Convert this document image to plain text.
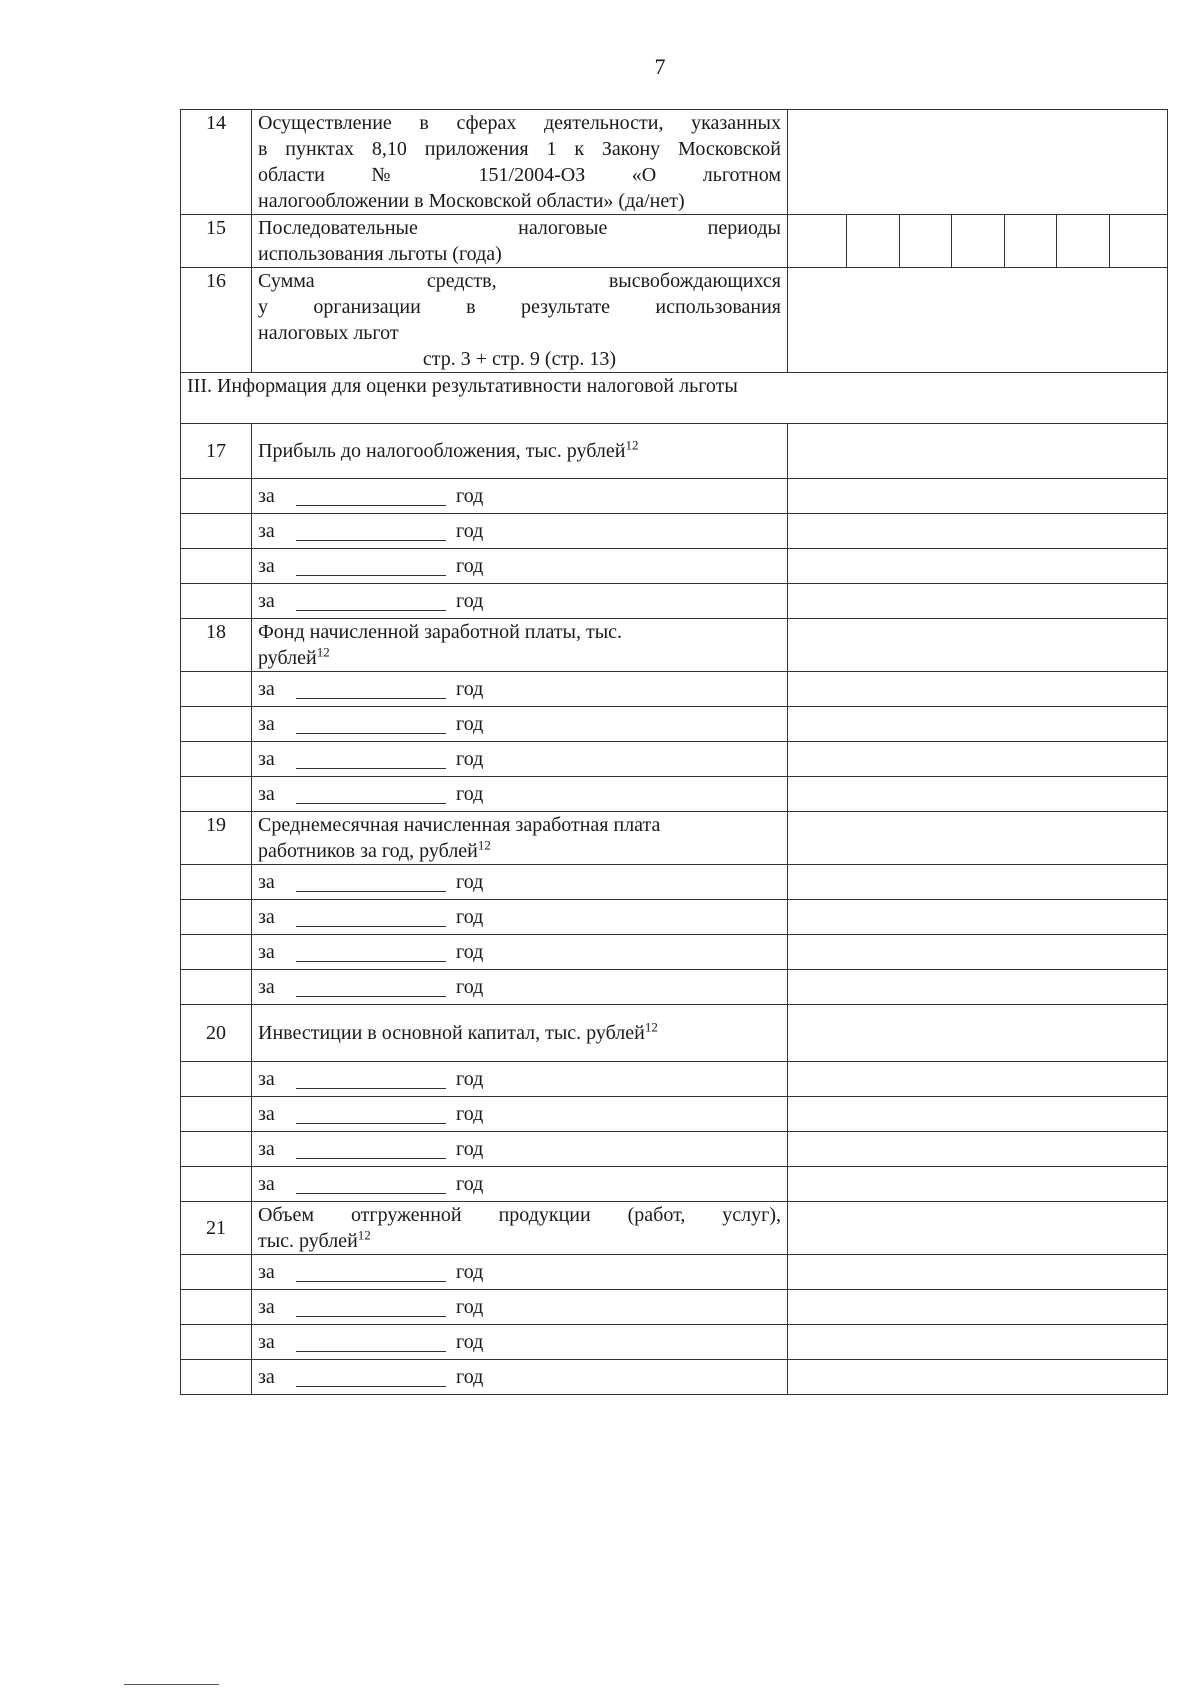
7
14	Осуществление в сферах деятельности, указанных
в пунктах 8,10 приложения 1 к Закону Московской
области № 151/2004-ОЗ «О льготном
налогообложении в Московской области» (да/нет)	

15	Последовательные налоговые периоды
использования льготы (года)	

16	Сумма средств, высвобождающихся
у организации в результате использования
налоговых льгот
стр. 3 + стр. 9 (стр. 13)	

III. Информация для оценки результативности налоговой льготы		
17	Прибыль до налогообложения, тыс. рублей$^{12}$	

	за год	

	за год	

	за год	

	за год	

18	Фонд начисленной заработной платы, тыс.
рублей$^{12}$

	за год	

	за год	

	за год	

	за год	

19	Среднемесячная начисленная заработная плата
работников за год, рублей$^{12}$

	за год	

	за год	

	за год	

	за год	

20	Инвестиции в основной капитал, тыс. рублей$^{12}$	

	за год	

	за год	

	за год	

	за год	

21	Объем отгруженной продукции (работ, услуг),
тыс. рублей$^{12}$

	за год	

	за год	

	за год	

	за год	
